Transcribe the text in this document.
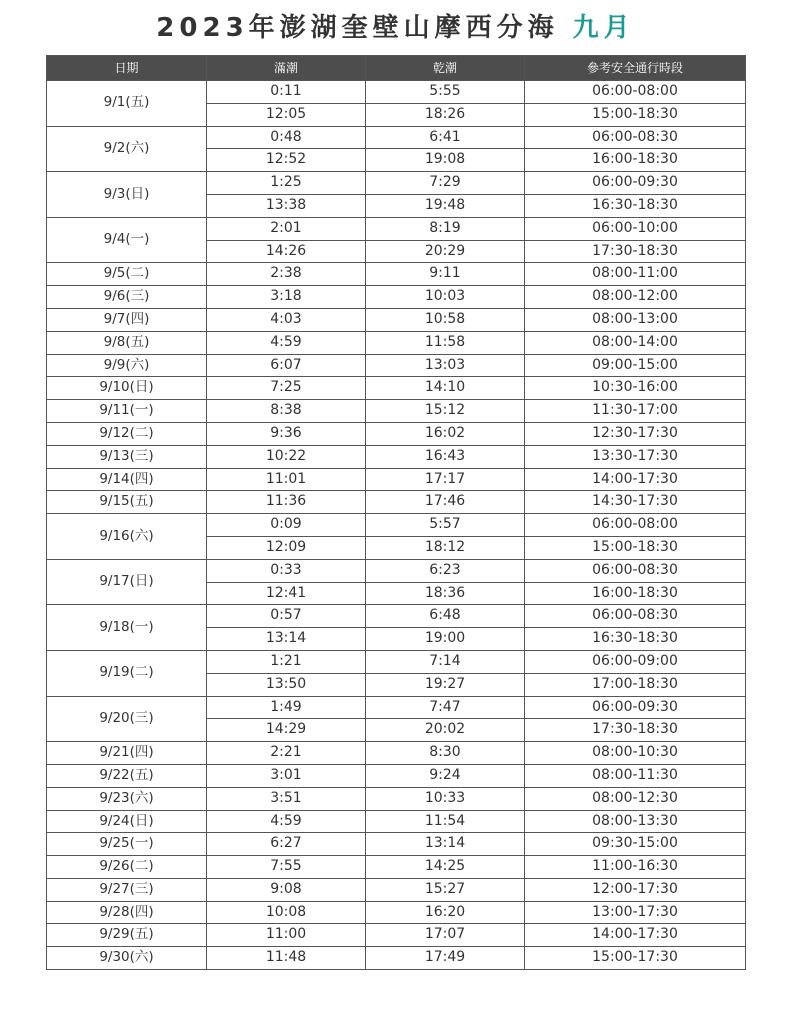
2023年澎湖奎壁山摩西分海 九月
日期	滿潮	乾潮	參考安全通行時段
9/1(五)	0:11	5:55	06:00-08:00
	12:05	18:26	15:00-18:30
9/2(六)	0:48	6:41	06:00-08:30
	12:52	19:08	16:00-18:30
9/3(日)	1:25	7:29	06:00-09:30
	13:38	19:48	16:30-18:30
9/4(一)	2:01	8:19	06:00-10:00
	14:26	20:29	17:30-18:30
9/5(二)	2:38	9:11	08:00-11:00
9/6(三)	3:18	10:03	08:00-12:00
9/7(四)	4:03	10:58	08:00-13:00
9/8(五)	4:59	11:58	08:00-14:00
9/9(六)	6:07	13:03	09:00-15:00
9/10(日)	7:25	14:10	10:30-16:00
9/11(一)	8:38	15:12	11:30-17:00
9/12(二)	9:36	16:02	12:30-17:30
9/13(三)	10:22	16:43	13:30-17:30
9/14(四)	11:01	17:17	14:00-17:30
9/15(五)	11:36	17:46	14:30-17:30
9/16(六)	0:09	5:57	06:00-08:00
	12:09	18:12	15:00-18:30
9/17(日)	0:33	6:23	06:00-08:30
	12:41	18:36	16:00-18:30
9/18(一)	0:57	6:48	06:00-08:30
	13:14	19:00	16:30-18:30
9/19(二)	1:21	7:14	06:00-09:00
	13:50	19:27	17:00-18:30
9/20(三)	1:49	7:47	06:00-09:30
	14:29	20:02	17:30-18:30
9/21(四)	2:21	8:30	08:00-10:30
9/22(五)	3:01	9:24	08:00-11:30
9/23(六)	3:51	10:33	08:00-12:30
9/24(日)	4:59	11:54	08:00-13:30
9/25(一)	6:27	13:14	09:30-15:00
9/26(二)	7:55	14:25	11:00-16:30
9/27(三)	9:08	15:27	12:00-17:30
9/28(四)	10:08	16:20	13:00-17:30
9/29(五)	11:00	17:07	14:00-17:30
9/30(六)	11:48	17:49	15:00-17:30
